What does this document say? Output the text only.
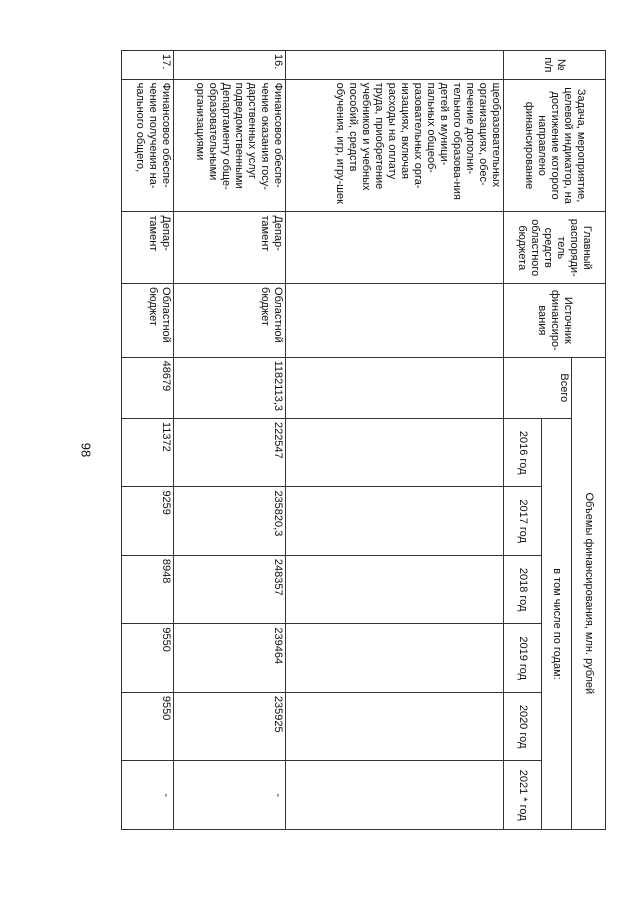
98
№ п/п	Задача, мероприятие, целевой индикатор, на достижение которого направлено финансирование	Главный распоряди-тель средств областного бюджета	Источник финансиро-вания	Объемы финансирования, млн. рублей						
				Всего	в том числе по годам:					
					2016 год	2017 год	2018 год	2019 год	2020 год	2021 * год
	щеобразовательных организациях, обес-печение дополни-тельного образова-ния детей в муници-пальных общеоб-разовательных орга-низациях, включая расходы на оплату труда, приобретение учебников и учебных пособий, средств обучения, игр, игру-шек									
16.	Финансовое обеспе-чение оказания госу-дарственных услуг подведомственными Департаменту обще-образовательными организациями	Депар-тамент	Областной бюджет	1182113,3	222547	235820,3	248357	239464	235925	-
17.	Финансовое обеспе-чение получения на-чального общего,	Депар-тамент	Областной бюджет	48679	11372	9259	8948	9550	9550	-
